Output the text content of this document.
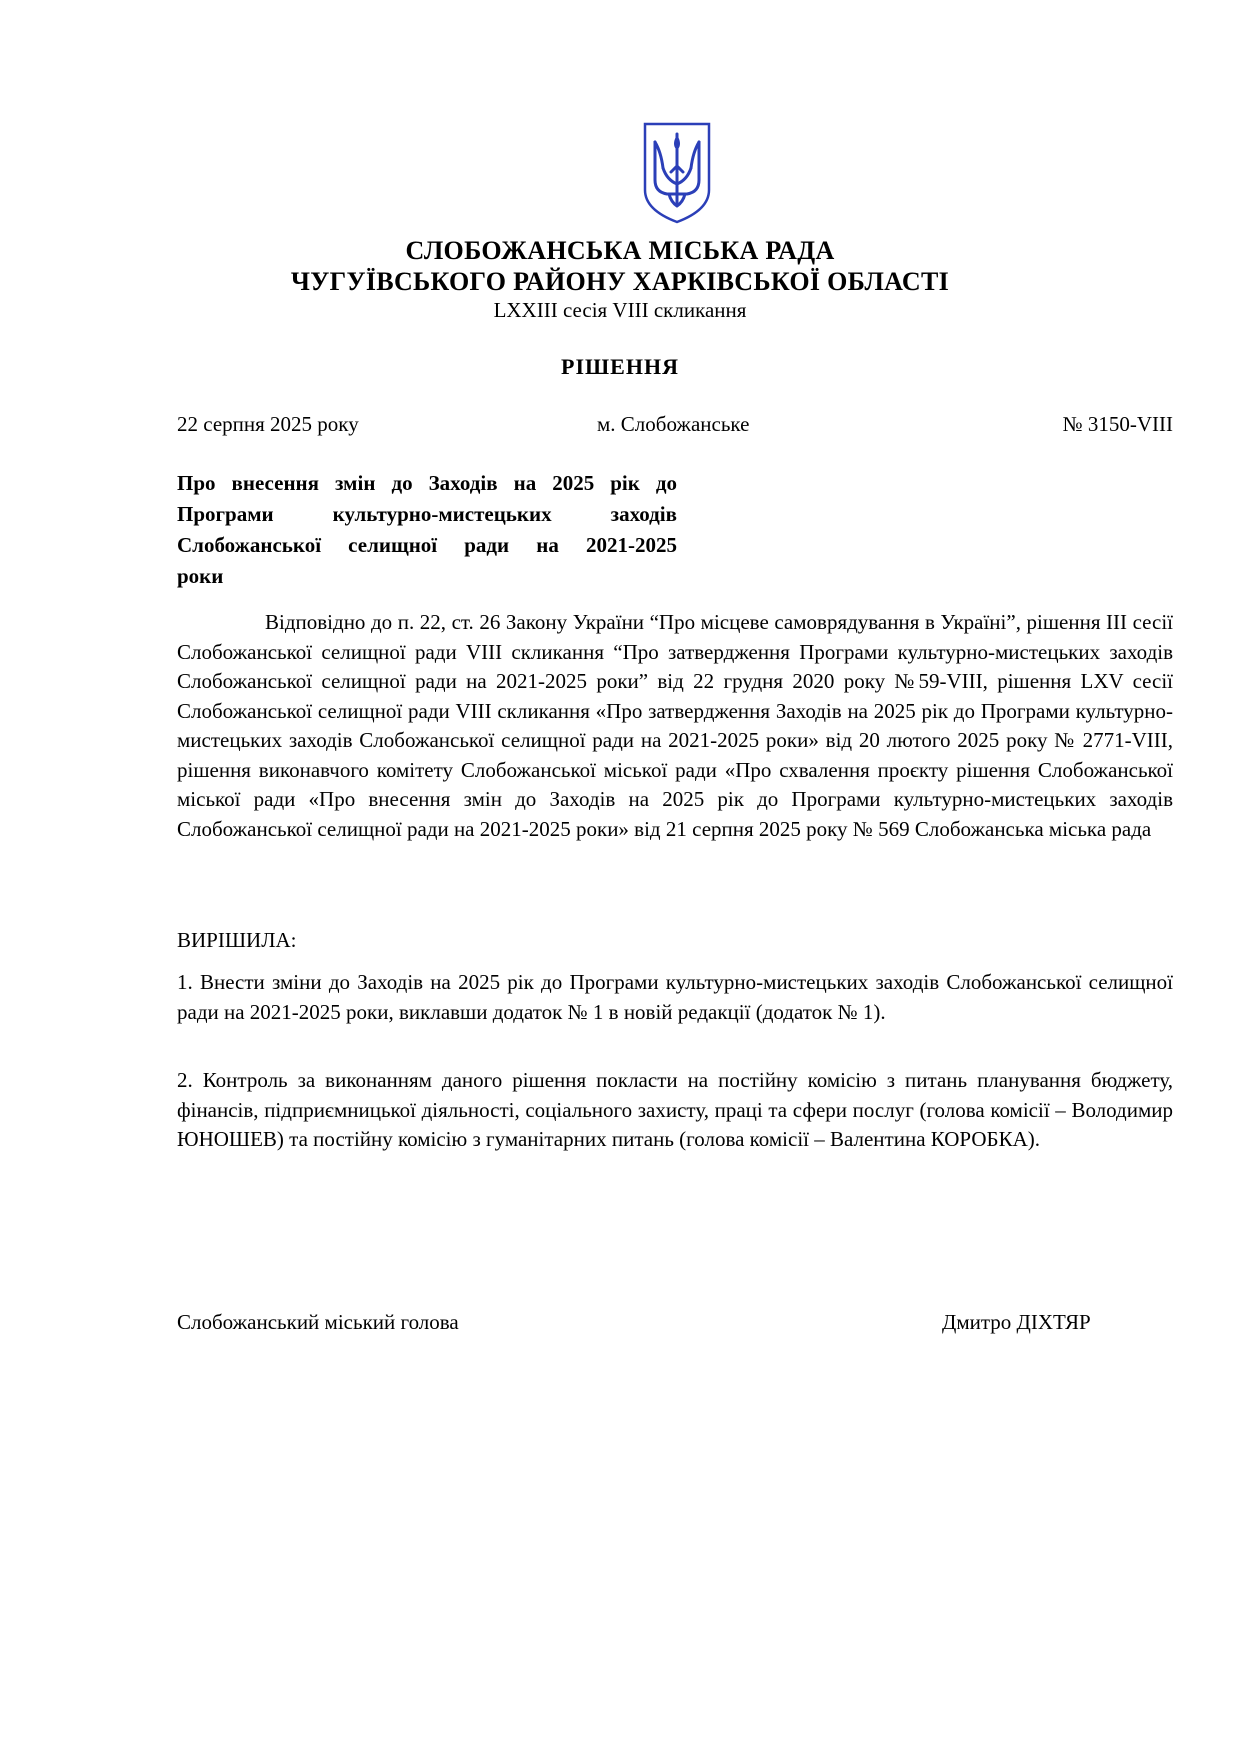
СЛОБОЖАНСЬКА МІСЬКА РАДА
ЧУГУЇВСЬКОГО РАЙОНУ ХАРКІВСЬКОЇ ОБЛАСТІ
LXXIII сесія VIII скликання
РІШЕННЯ
22 серпня 2025 року	м. Слобожанське	№ 3150-VIII
Про внесення змін до Заходів на 2025 рік до
Програми культурно-мистецьких заходів
Слобожанської селищної ради на 2021-2025
роки
Відповідно до п. 22, ст. 26 Закону України “Про місцеве самоврядування в Україні”, рішення ІІІ сесії Слобожанської селищної ради VIII скликання “Про затвердження Програми культурно-мистецьких заходів Слобожанської селищної ради на 2021-2025 роки” від 22 грудня 2020 року №59-VIII, рішення LXV сесії Слобожанської селищної ради VIII скликання «Про затвердження Заходів на 2025 рік до Програми культурно-мистецьких заходів Слобожанської селищної ради на 2021-2025 роки» від 20 лютого 2025 року № 2771-VIII, рішення виконавчого комітету Слобожанської міської ради «Про схвалення проєкту рішення Слобожанської міської ради «Про внесення змін до Заходів на 2025 рік до Програми культурно-мистецьких заходів Слобожанської селищної ради на 2021-2025 роки» від 21 серпня 2025 року № 569 Слобожанська міська рада
ВИРІШИЛА:
1. Внести зміни до Заходів на 2025 рік до Програми культурно-мистецьких заходів Слобожанської селищної ради на 2021-2025 роки, виклавши додаток № 1 в новій редакції (додаток № 1).
2. Контроль за виконанням даного рішення покласти на постійну комісію з питань планування бюджету, фінансів, підприємницької діяльності, соціального захисту, праці та сфери послуг (голова комісії – Володимир ЮНОШЕВ) та постійну комісію з гуманітарних питань (голова комісії – Валентина КОРОБКА).
Слобожанський міський голова	Дмитро ДІХТЯР
